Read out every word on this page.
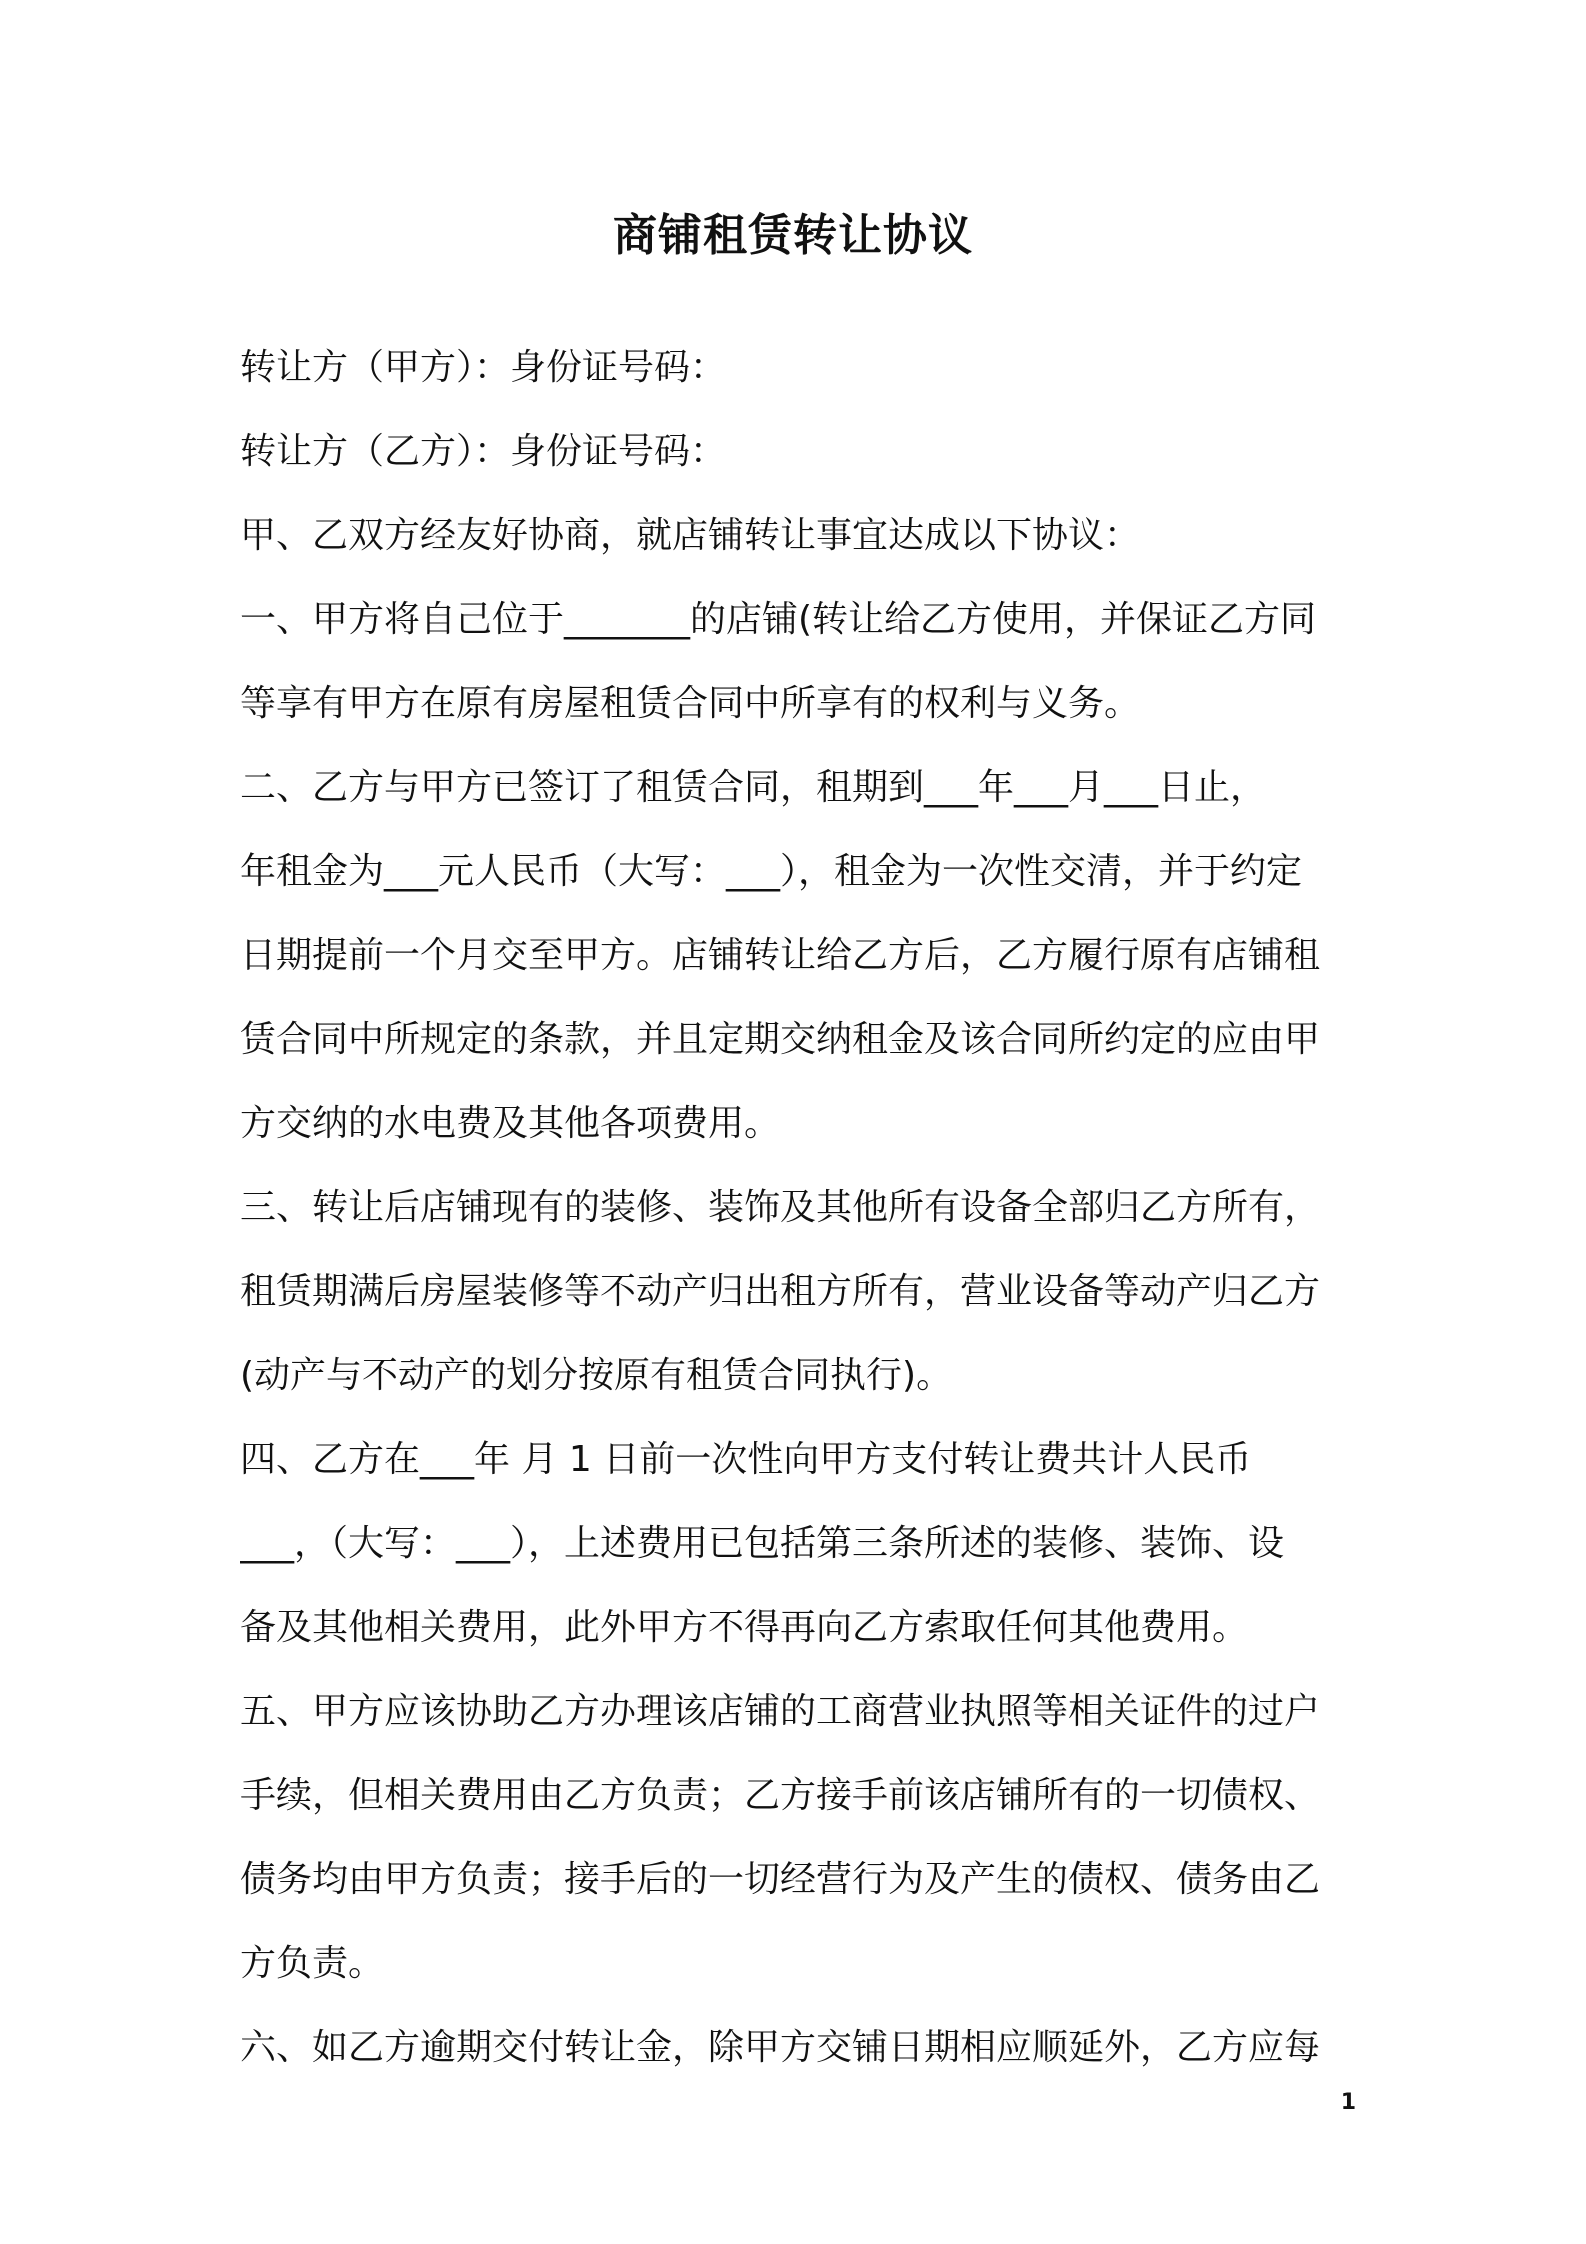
商铺租赁转让协议
转让方（甲方）：身份证号码：
转让方（乙方）：身份证号码：
甲、乙双方经友好协商，就店铺转让事宜达成以下协议：
一、甲方将自己位于_______的店铺(转让给乙方使用，并保证乙方同
等享有甲方在原有房屋租赁合同中所享有的权利与义务。
二、乙方与甲方已签订了租赁合同，租期到___年___月___日止，
年租金为___元人民币（大写：___），租金为一次性交清，并于约定
日期提前一个月交至甲方。店铺转让给乙方后，乙方履行原有店铺租
赁合同中所规定的条款，并且定期交纳租金及该合同所约定的应由甲
方交纳的水电费及其他各项费用。
三、转让后店铺现有的装修、装饰及其他所有设备全部归乙方所有，
租赁期满后房屋装修等不动产归出租方所有，营业设备等动产归乙方
(动产与不动产的划分按原有租赁合同执行)。
四、乙方在___年 月 1 日前一次性向甲方支付转让费共计人民币
___，（大写：___），上述费用已包括第三条所述的装修、装饰、设
备及其他相关费用，此外甲方不得再向乙方索取任何其他费用。
五、甲方应该协助乙方办理该店铺的工商营业执照等相关证件的过户
手续，但相关费用由乙方负责；乙方接手前该店铺所有的一切债权、
债务均由甲方负责；接手后的一切经营行为及产生的债权、债务由乙
方负责。
六、如乙方逾期交付转让金，除甲方交铺日期相应顺延外，乙方应每
1
